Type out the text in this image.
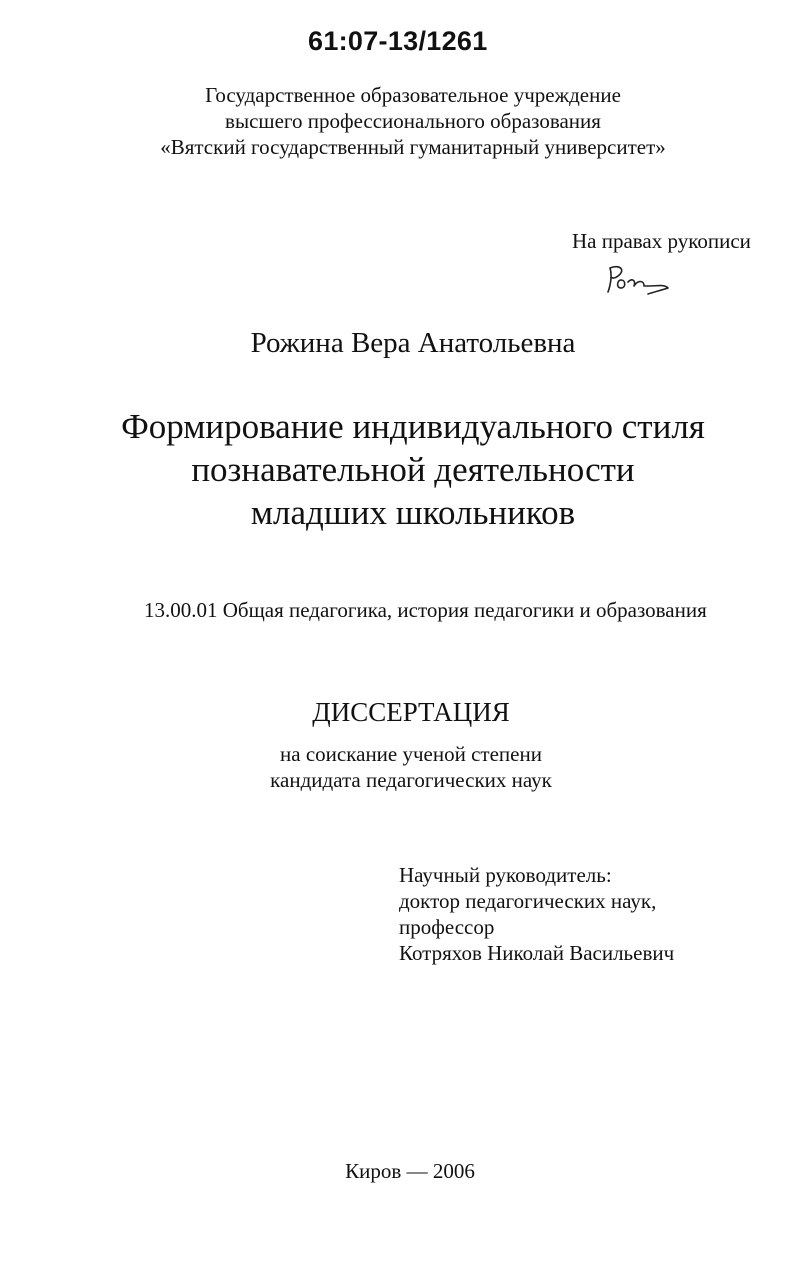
61:07-13/1261
Государственное образовательное учреждение
высшего профессионального образования
«Вятский государственный гуманитарный университет»
На правах рукописи
Рожина Вера Анатольевна
Формирование индивидуального стиля
познавательной деятельности
младших школьников
13.00.01 Общая педагогика, история педагогики и образования
ДИССЕРТАЦИЯ
на соискание ученой степени
кандидата педагогических наук
Научный руководитель:
доктор педагогических наук,
профессор
Котряхов Николай Васильевич
Киров — 2006
